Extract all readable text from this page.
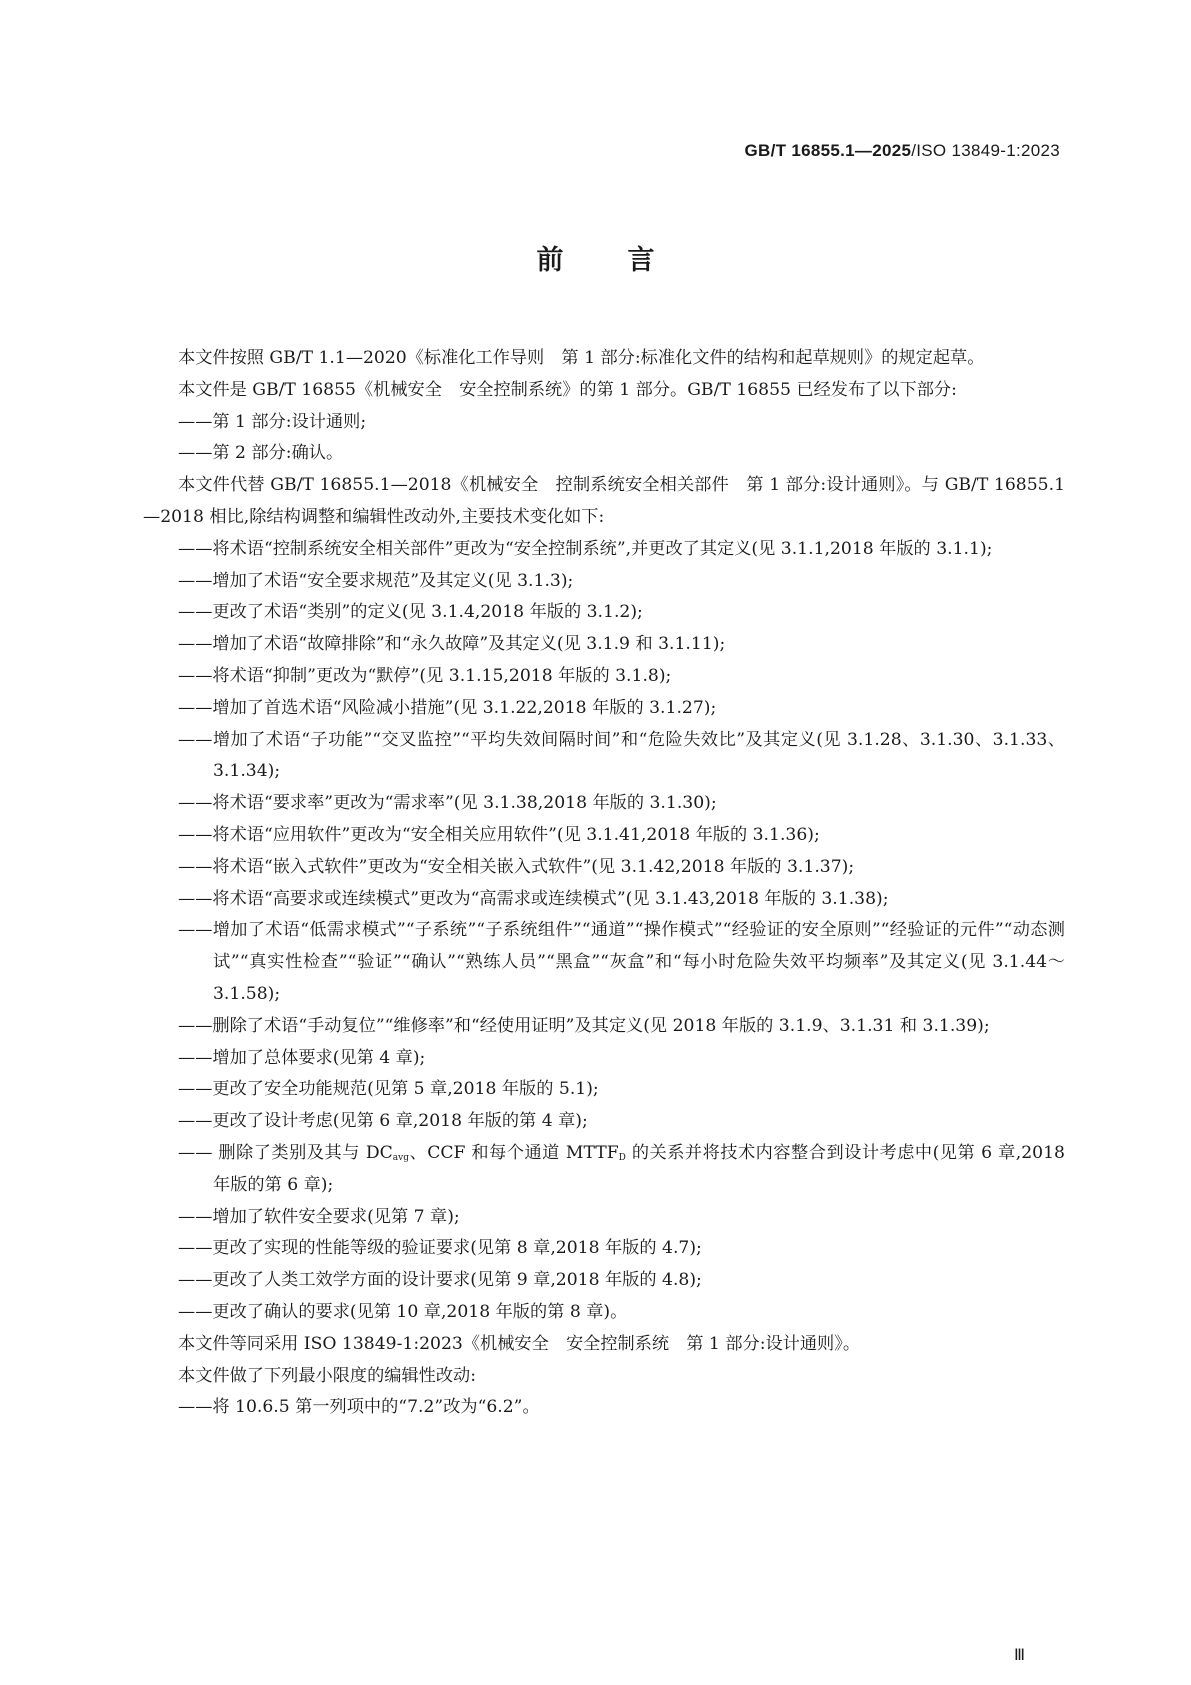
GB/T 16855.1—2025/ISO 13849-1:2023
前言

本文件按照 GB/T 1.1—2020《标准化工作导则　第 1 部分:标准化文件的结构和起草规则》的规定起草。

本文件是 GB/T 16855《机械安全　安全控制系统》的第 1 部分。GB/T 16855 已经发布了以下部分:

——第 1 部分:设计通则;

——第 2 部分:确认。

本文件代替 GB/T 16855.1—2018《机械安全　控制系统安全相关部件　第 1 部分:设计通则》。与 GB/T 16855.1—2018 相比,除结构调整和编辑性改动外,主要技术变化如下:

——将术语“控制系统安全相关部件”更改为“安全控制系统”,并更改了其定义(见 3.1.1,2018 年版的 3.1.1);

——增加了术语“安全要求规范”及其定义(见 3.1.3);

——更改了术语“类别”的定义(见 3.1.4,2018 年版的 3.1.2);

——增加了术语“故障排除”和“永久故障”及其定义(见 3.1.9 和 3.1.11);

——将术语“抑制”更改为“默停”(见 3.1.15,2018 年版的 3.1.8);

——增加了首选术语“风险减小措施”(见 3.1.22,2018 年版的 3.1.27);

——增加了术语“子功能”“交叉监控”“平均失效间隔时间”和“危险失效比”及其定义(见 3.1.28、3.1.30、3.1.33、3.1.34);

——将术语“要求率”更改为“需求率”(见 3.1.38,2018 年版的 3.1.30);

——将术语“应用软件”更改为“安全相关应用软件”(见 3.1.41,2018 年版的 3.1.36);

——将术语“嵌入式软件”更改为“安全相关嵌入式软件”(见 3.1.42,2018 年版的 3.1.37);

——将术语“高要求或连续模式”更改为“高需求或连续模式”(见 3.1.43,2018 年版的 3.1.38);

——增加了术语“低需求模式”“子系统”“子系统组件”“通道”“操作模式”“经验证的安全原则”“经验证的元件”“动态测试”“真实性检查”“验证”“确认”“熟练人员”“黑盒”“灰盒”和“每小时危险失效平均频率”及其定义(见 3.1.44～3.1.58);

——删除了术语“手动复位”“维修率”和“经使用证明”及其定义(见 2018 年版的 3.1.9、3.1.31 和 3.1.39);

——增加了总体要求(见第 4 章);

——更改了安全功能规范(见第 5 章,2018 年版的 5.1);

——更改了设计考虑(见第 6 章,2018 年版的第 4 章);

—— 删除了类别及其与 $DC_{avg}$、CCF 和每个通道 $MTTF_D$ 的关系并将技术内容整合到设计考虑中(见第 6 章,2018 年版的第 6 章);

——增加了软件安全要求(见第 7 章);

——更改了实现的性能等级的验证要求(见第 8 章,2018 年版的 4.7);

——更改了人类工效学方面的设计要求(见第 9 章,2018 年版的 4.8);

——更改了确认的要求(见第 10 章,2018 年版的第 8 章)。

本文件等同采用 ISO 13849-1:2023《机械安全　安全控制系统　第 1 部分:设计通则》。

本文件做了下列最小限度的编辑性改动:

——将 10.6.5 第一列项中的“7.2”改为“6.2”。

Ⅲ
